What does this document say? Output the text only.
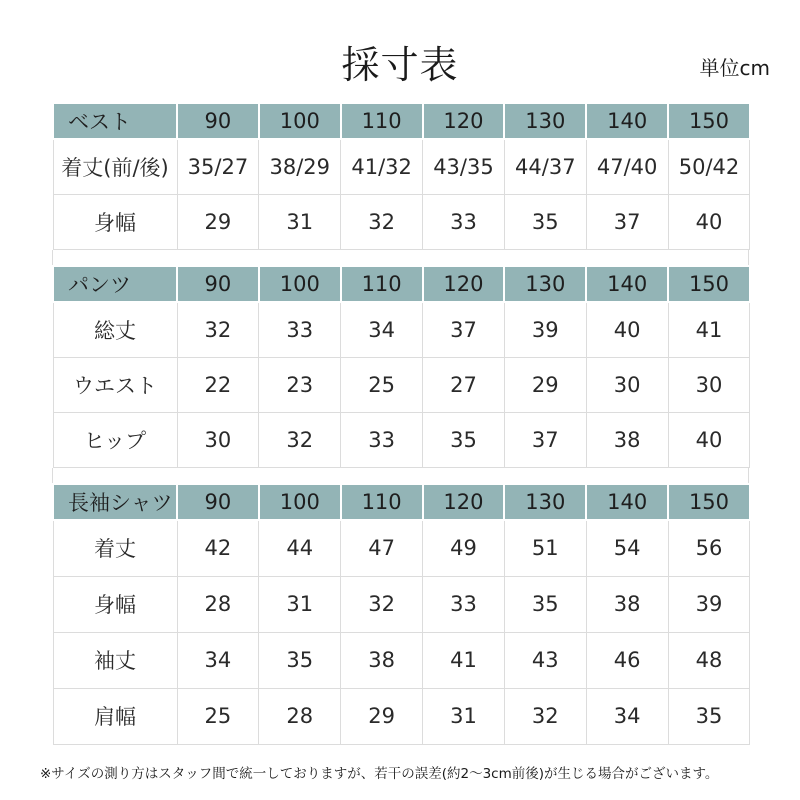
採寸表	単位cm
ベスト	90	100	110	120	130	140	150
着丈(前/後)	35/27	38/29	41/32	43/35	44/37	47/40	50/42
身幅	29	31	32	33	35	37	40
パンツ	90	100	110	120	130	140	150
総丈	32	33	34	37	39	40	41
ウエスト	22	23	25	27	29	30	30
ヒップ	30	32	33	35	37	38	40
長袖シャツ	90	100	110	120	130	140	150
着丈	42	44	47	49	51	54	56
身幅	28	31	32	33	35	38	39
袖丈	34	35	38	41	43	46	48
肩幅	25	28	29	31	32	34	35
※サイズの測り方はスタッフ間で統一しておりますが、若干の誤差(約2～3cm前後)が生じる場合がございます。
